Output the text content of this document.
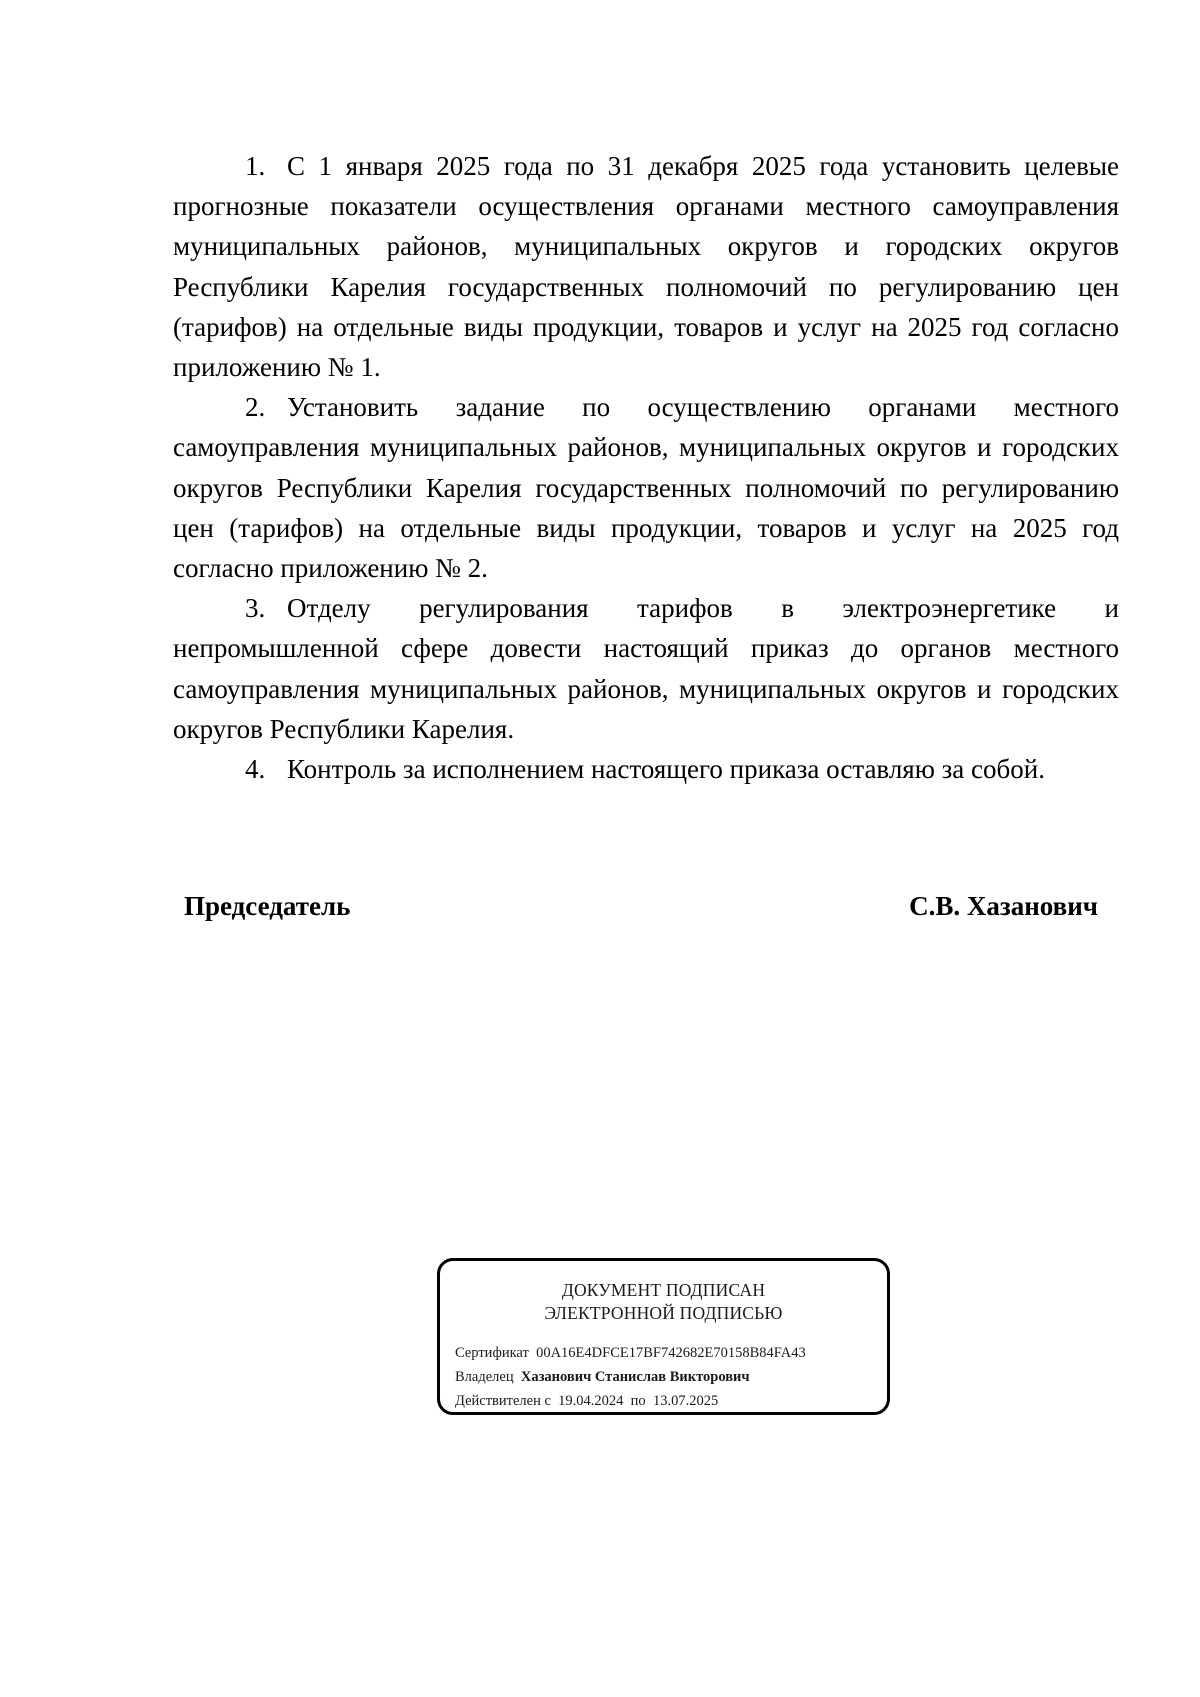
1. С 1 января 2025 года по 31 декабря 2025 года установить целевые прогнозные показатели осуществления органами местного самоуправления муниципальных районов, муниципальных округов и городских округов Республики Карелия государственных полномочий по регулированию цен (тарифов) на отдельные виды продукции, товаров и услуг на 2025 год согласно приложению № 1.

2. Установить задание по осуществлению органами местного самоуправления муниципальных районов, муниципальных округов и городских округов Республики Карелия государственных полномочий по регулированию цен (тарифов) на отдельные виды продукции, товаров и услуг на 2025 год согласно приложению № 2.

3. Отделу регулирования тарифов в электроэнергетике и непромышленной сфере довести настоящий приказ до органов местного самоуправления муниципальных районов, муниципальных округов и городских округов Республики Карелия.

4. Контроль за исполнением настоящего приказа оставляю за собой.

Председатель	С.В. Хазанович
ДОКУМЕНТ ПОДПИСАН
ЭЛЕКТРОННОЙ ПОДПИСЬЮ
Сертификат 00A16E4DFCE17BF742682E70158B84FA43
Владелец Хазанович Станислав Викторович
Действителен с 19.04.2024 по 13.07.2025
